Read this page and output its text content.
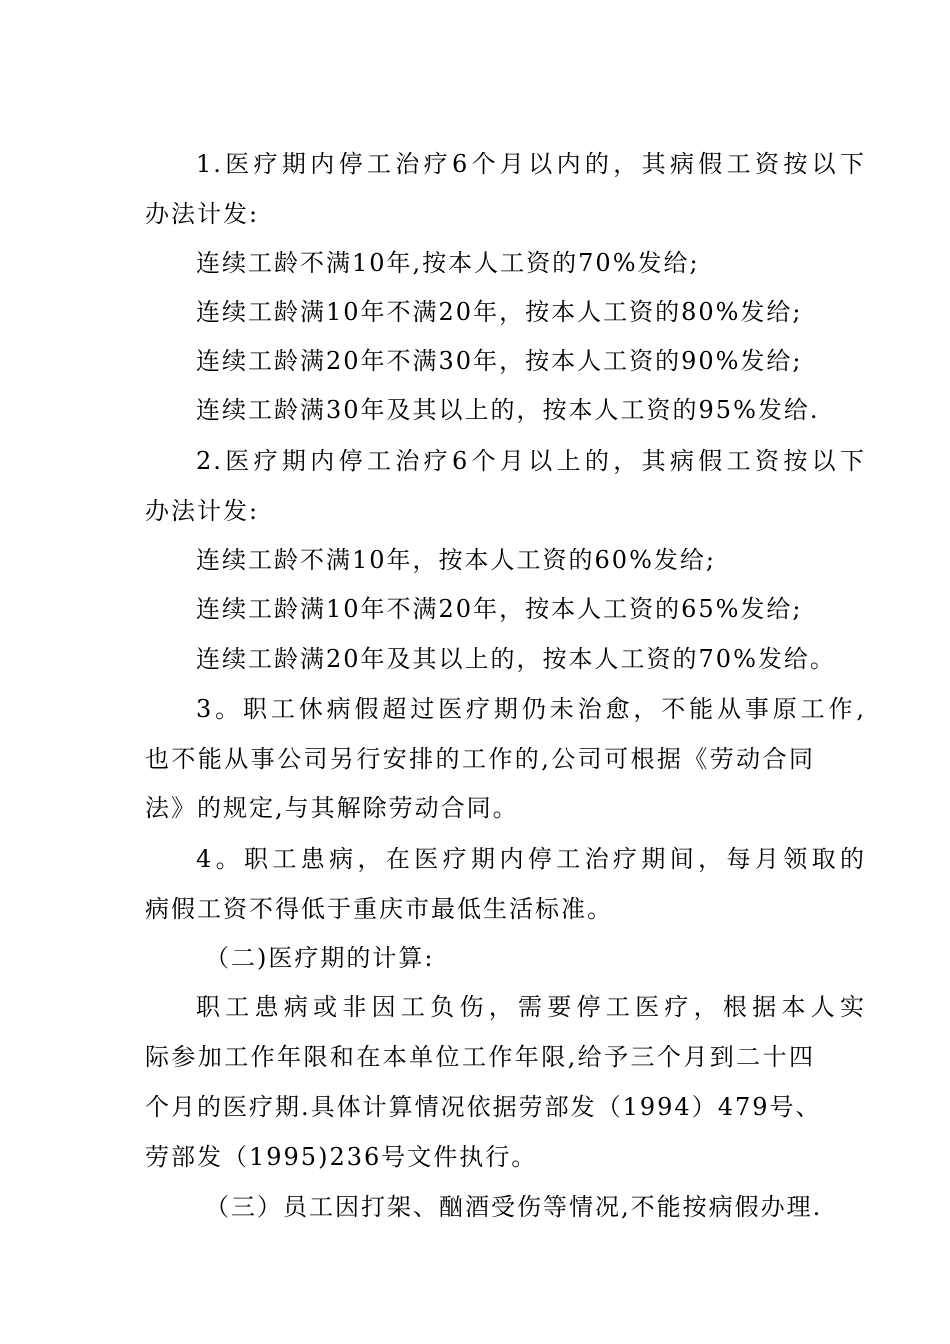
1.医疗期内停工治疗6个月以内的，其病假工资按以下
办法计发:
连续工龄不满10年,按本人工资的70%发给;
连续工龄满10年不满20年，按本人工资的80%发给;
连续工龄满20年不满30年，按本人工资的90%发给;
连续工龄满30年及其以上的，按本人工资的95%发给.
2.医疗期内停工治疗6个月以上的，其病假工资按以下
办法计发:
连续工龄不满10年，按本人工资的60%发给;
连续工龄满10年不满20年，按本人工资的65%发给;
连续工龄满20年及其以上的，按本人工资的70%发给。
3。职工休病假超过医疗期仍未治愈，不能从事原工作,
也不能从事公司另行安排的工作的,公司可根据《劳动合同
法》的规定,与其解除劳动合同。
4。职工患病，在医疗期内停工治疗期间，每月领取的
病假工资不得低于重庆市最低生活标准。
（二)医疗期的计算:
职工患病或非因工负伤，需要停工医疗，根据本人实
际参加工作年限和在本单位工作年限,给予三个月到二十四
个月的医疗期.具体计算情况依据劳部发（1994）479号、
劳部发（1995)236号文件执行。
（三）员工因打架、酗酒受伤等情况,不能按病假办理.
